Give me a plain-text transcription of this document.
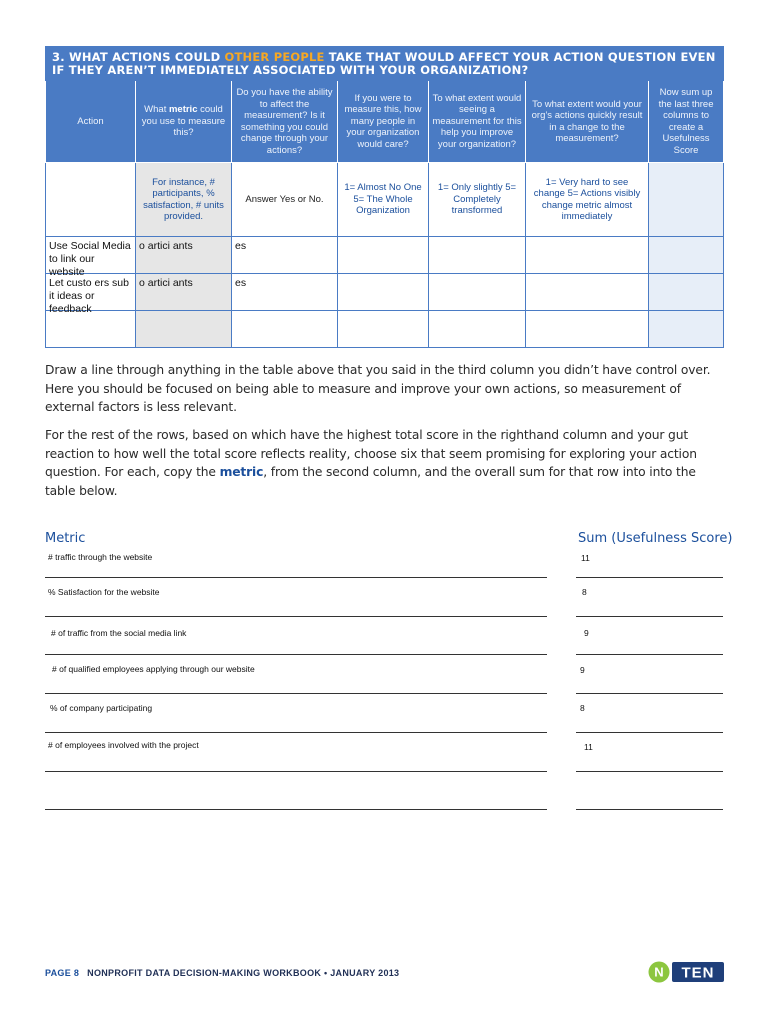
3. WHAT ACTIONS COULD OTHER PEOPLE TAKE THAT WOULD AFFECT YOUR ACTION QUESTION EVEN IF THEY AREN’T IMMEDIATELY ASSOCIATED WITH YOUR ORGANIZATION?						
Action	What metric could you use to measure this?	Do you have the ability to affect the measurement? Is it something you could change through your actions?	If you were to measure this, how many people in your organization would care?	To what extent would seeing a measurement for this help you improve your organization?	To what extent would your org’s actions quickly result in a change to the measurement?	Now sum up the last three columns to create a Usefulness Score
	For instance, # participants, % satisfaction, # units provided.	Answer Yes or No.	1= Almost No One 5= The Whole Organization	1= Only slightly 5= Completely transformed	1= Very hard to see change 5= Actions visibly change metric almost immediately	

Use Social Media to link our website	o artici ants	es				

Let custo ers sub it ideas or feedback	o artici ants	es				

Draw a line through anything in the table above that you said in the third column you didn’t have control over. Here you should be focused on being able to measure and improve your own actions, so measurement of external factors is less relevant.

For the rest of the rows, based on which have the highest total score in the righthand column and your gut reaction to how well the total score reflects reality, choose six that seem promising for exploring your action question. For each, copy the metric, from the second column, and the overall sum for that row into into the table below.

Metric	Sum (Usefulness Score)
# traffic through the website	11
% Satisfaction for the website	8
# of traffic from the social media link	9
# of qualified employees applying through our website	9
% of company participating	8
# of employees involved with the project	11
PAGE 8 NONPROFIT DATA DECISION-MAKING WORKBOOK • JANUARY 2013	N TEN
